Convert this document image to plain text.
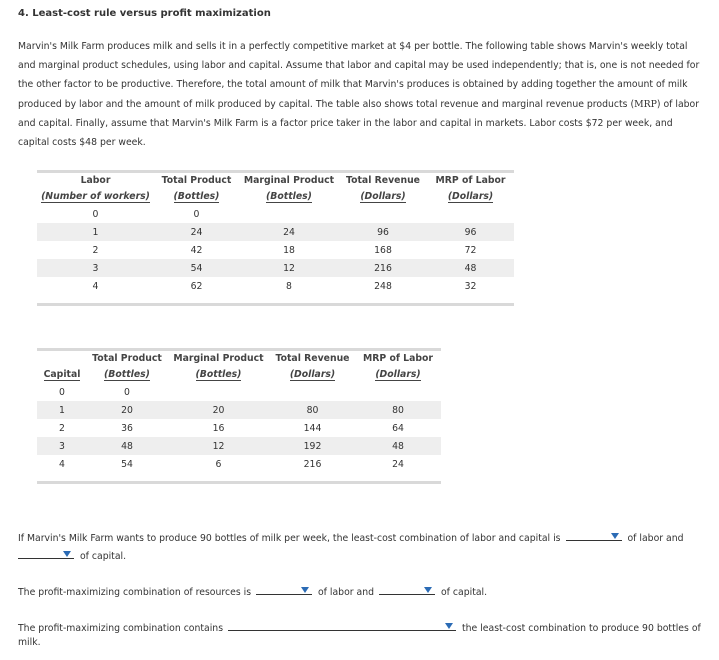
4. Least-cost rule versus profit maximization
Marvin's Milk Farm produces milk and sells it in a perfectly competitive market at $4 per bottle. The following table shows Marvin's weekly total and marginal product schedules, using labor and capital. Assume that labor and capital may be used independently; that is, one is not needed for the other factor to be productive. Therefore, the total amount of milk that Marvin's produces is obtained by adding together the amount of milk produced by labor and the amount of milk produced by capital. The table also shows total revenue and marginal revenue products (MRP) of labor and capital. Finally, assume that Marvin's Milk Farm is a factor price taker in the labor and capital in markets. Labor costs $72 per week, and capital costs $48 per week.

Labor	Total Product	Marginal Product	Total Revenue	MRP of Labor
(Number of workers)	(Bottles)	(Bottles)	(Dollars)	(Dollars)
0	0			
1	24	24	96	96
2	42	18	168	72
3	54	12	216	48
4	62	8	248	32

	Total Product	Marginal Product	Total Revenue	MRP of Labor
Capital	(Bottles)	(Bottles)	(Dollars)	(Dollars)
0	0			
1	20	20	80	80
2	36	16	144	64
3	48	12	192	48
4	54	6	216	24

If Marvin's Milk Farm wants to produce 90 bottles of milk per week, the least-cost combination of labor and capital is	of labor and
of capital.
The profit-maximizing combination of resources is	of labor and	of capital.
The profit-maximizing combination contains	the least-cost combination to produce 90 bottles of
milk.
